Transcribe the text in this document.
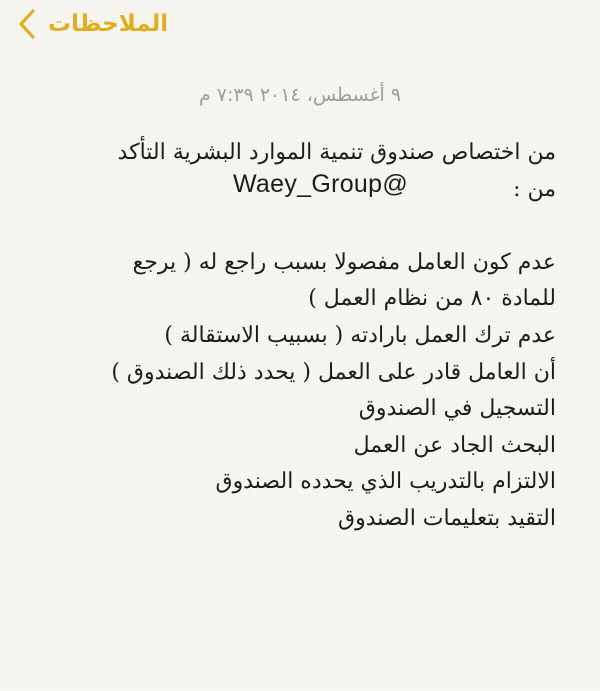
الملاحظات
٩ أغسطس، ٢٠١٤ ٧:٣٩ م
من اختصاص صندوق تنمية الموارد البشرية التأكد
من :
Waey_Group@
عدم كون العامل مفصولا بسبب راجع له ( يرجع
للمادة ٨٠ من نظام العمل )
عدم ترك العمل بارادته ( بسبيب الاستقالة )
أن العامل قادر على العمل ( يحدد ذلك الصندوق )
التسجيل في الصندوق
البحث الجاد عن العمل
الالتزام بالتدريب الذي يحدده الصندوق
التقيد بتعليمات الصندوق
